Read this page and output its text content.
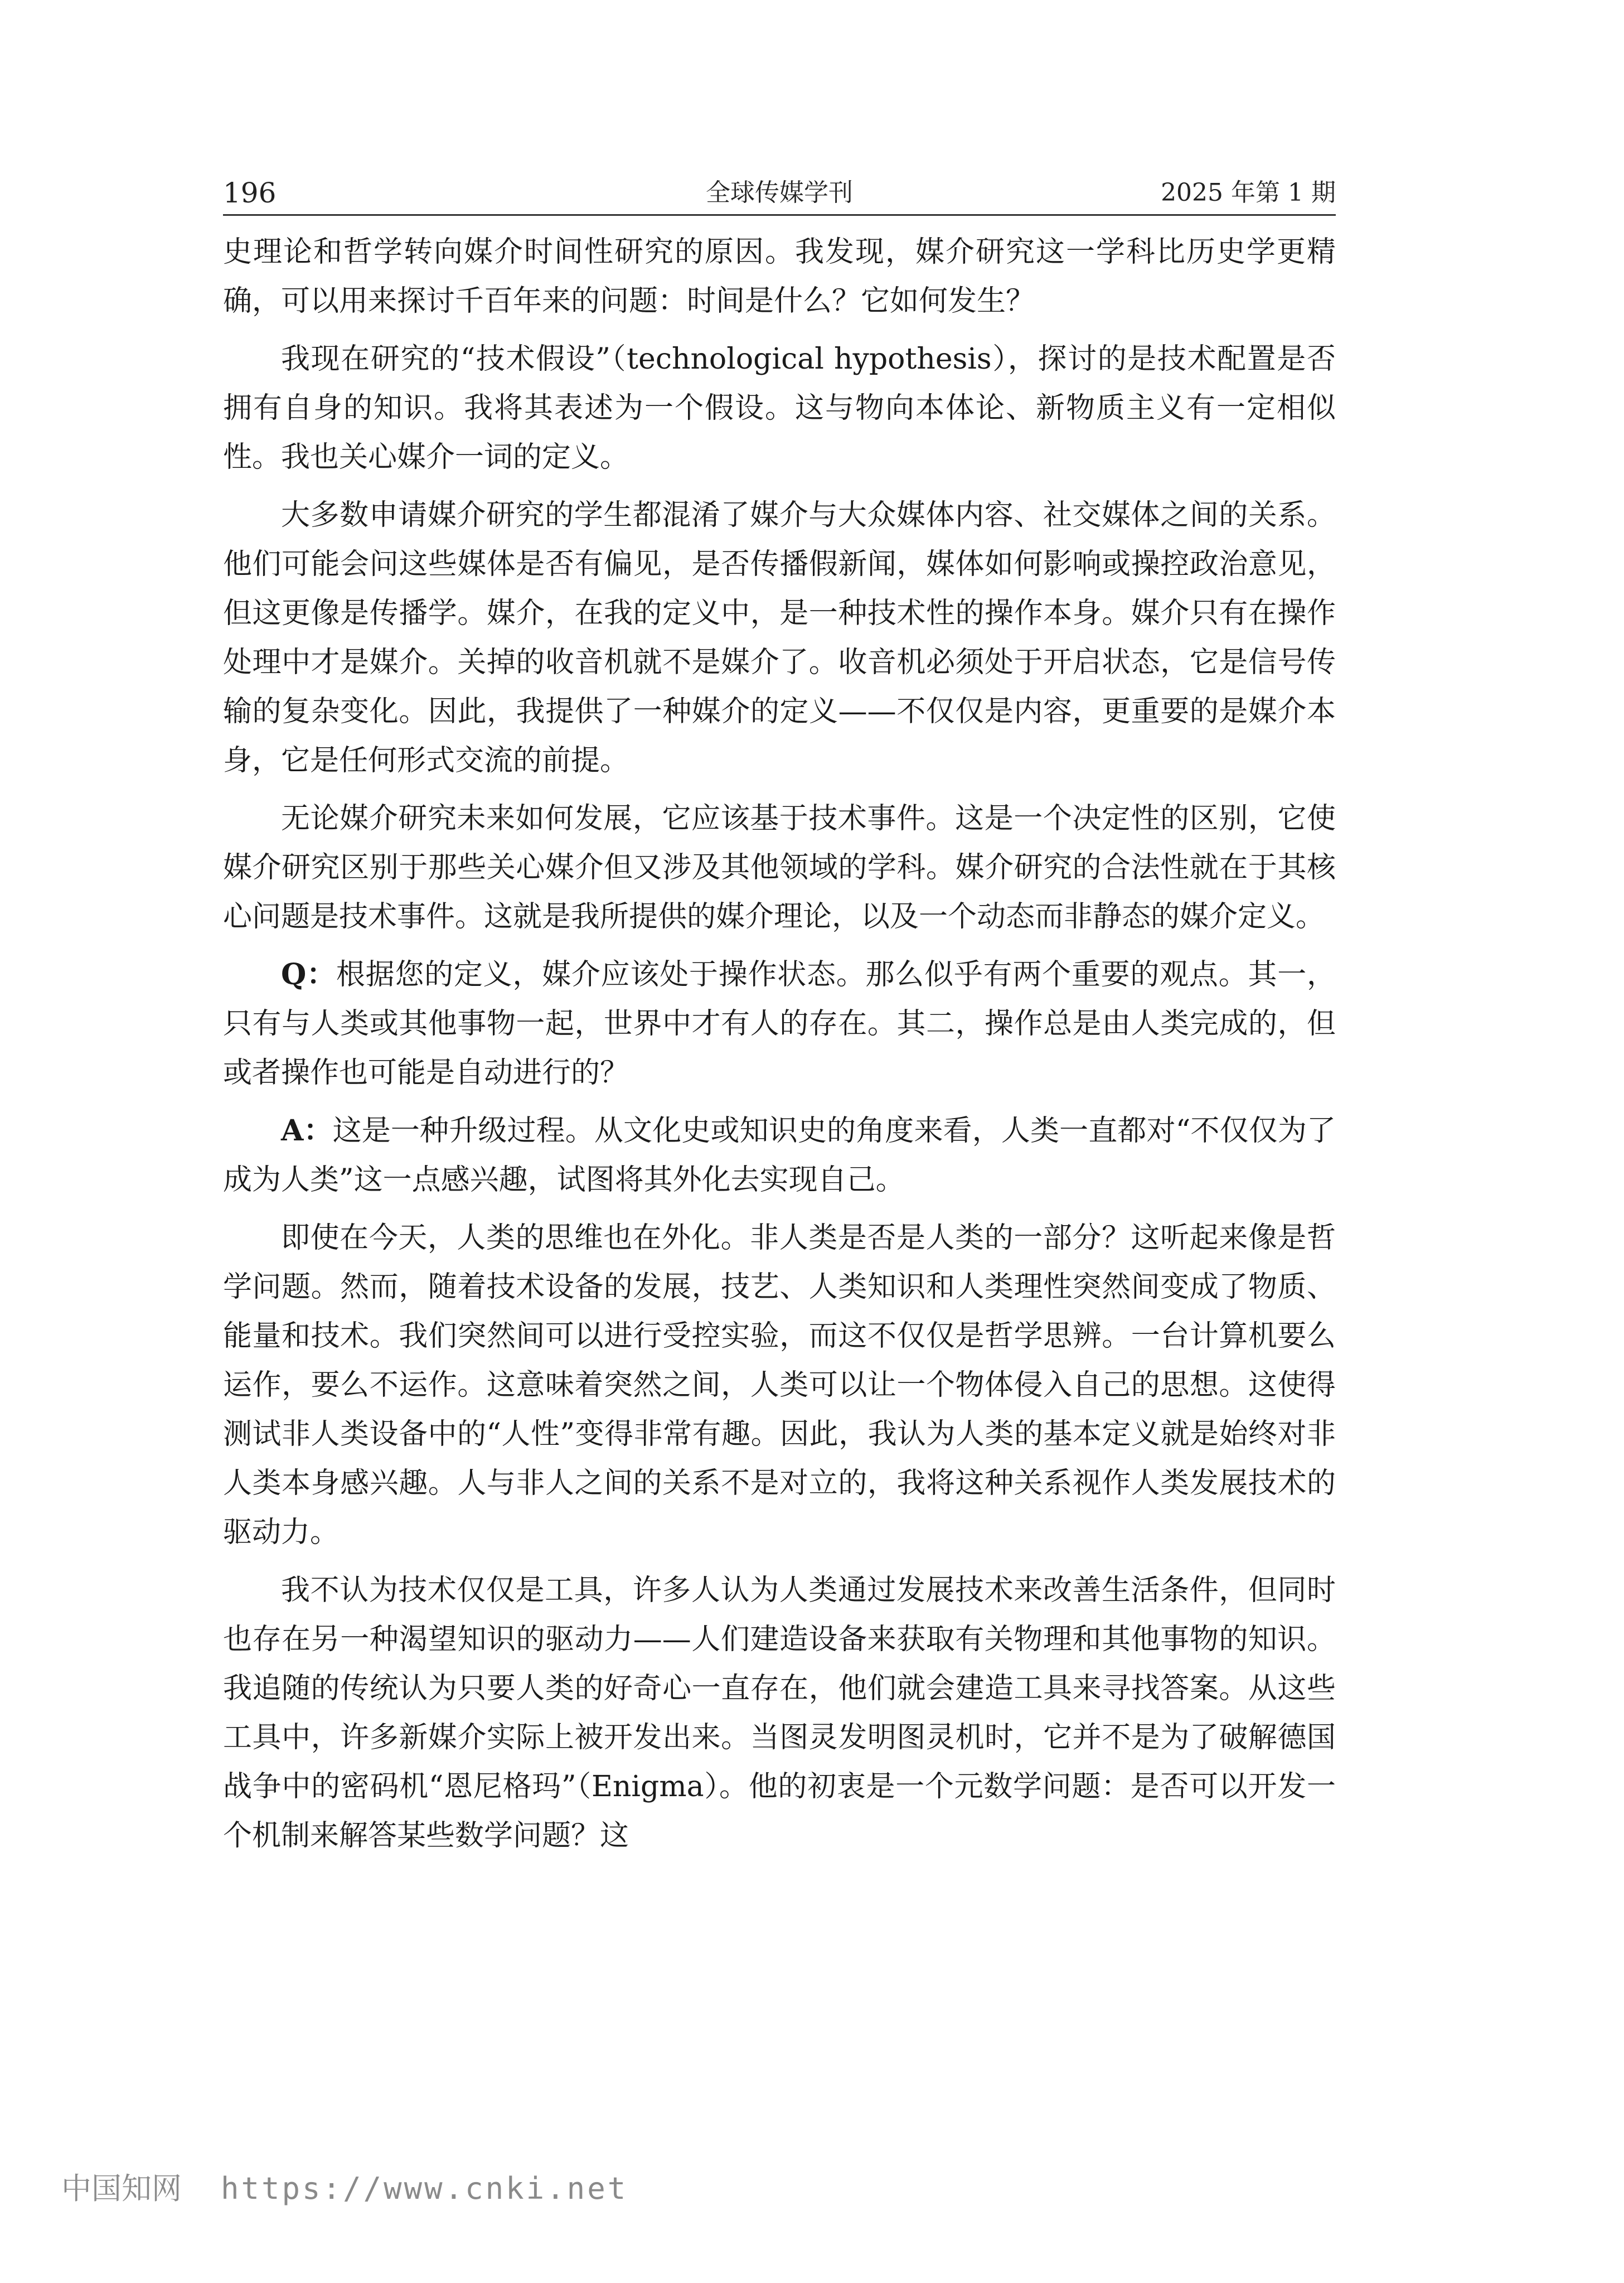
196	全球传媒学刊	2025 年第 1 期

史理论和哲学转向媒介时间性研究的原因。我发现，媒介研究这一学科比历史学更精确，可以用来探讨千百年来的问题：时间是什么？它如何发生？

我现在研究的“技术假设”（technological hypothesis），探讨的是技术配置是否拥有自身的知识。我将其表述为一个假设。这与物向本体论、新物质主义有一定相似性。我也关心媒介一词的定义。

大多数申请媒介研究的学生都混淆了媒介与大众媒体内容、社交媒体之间的关系。他们可能会问这些媒体是否有偏见，是否传播假新闻，媒体如何影响或操控政治意见，但这更像是传播学。媒介，在我的定义中，是一种技术性的操作本身。媒介只有在操作处理中才是媒介。关掉的收音机就不是媒介了。收音机必须处于开启状态，它是信号传输的复杂变化。因此，我提供了一种媒介的定义——不仅仅是内容，更重要的是媒介本身，它是任何形式交流的前提。

无论媒介研究未来如何发展，它应该基于技术事件。这是一个决定性的区别，它使媒介研究区别于那些关心媒介但又涉及其他领域的学科。媒介研究的合法性就在于其核心问题是技术事件。这就是我所提供的媒介理论，以及一个动态而非静态的媒介定义。

Q：根据您的定义，媒介应该处于操作状态。那么似乎有两个重要的观点。其一，只有与人类或其他事物一起，世界中才有人的存在。其二，操作总是由人类完成的，但或者操作也可能是自动进行的？

A：这是一种升级过程。从文化史或知识史的角度来看，人类一直都对“不仅仅为了成为人类”这一点感兴趣，试图将其外化去实现自己。

即使在今天，人类的思维也在外化。非人类是否是人类的一部分？这听起来像是哲学问题。然而，随着技术设备的发展，技艺、人类知识和人类理性突然间变成了物质、能量和技术。我们突然间可以进行受控实验，而这不仅仅是哲学思辨。一台计算机要么运作，要么不运作。这意味着突然之间，人类可以让一个物体侵入自己的思想。这使得测试非人类设备中的“人性”变得非常有趣。因此，我认为人类的基本定义就是始终对非人类本身感兴趣。人与非人之间的关系不是对立的，我将这种关系视作人类发展技术的驱动力。

我不认为技术仅仅是工具，许多人认为人类通过发展技术来改善生活条件，但同时也存在另一种渴望知识的驱动力——人们建造设备来获取有关物理和其他事物的知识。我追随的传统认为只要人类的好奇心一直存在，他们就会建造工具来寻找答案。从这些工具中，许多新媒介实际上被开发出来。当图灵发明图灵机时，它并不是为了破解德国战争中的密码机“恩尼格玛”（Enigma）。他的初衷是一个元数学问题：是否可以开发一个机制来解答某些数学问题？这

中国知网 https://www.cnki.net
